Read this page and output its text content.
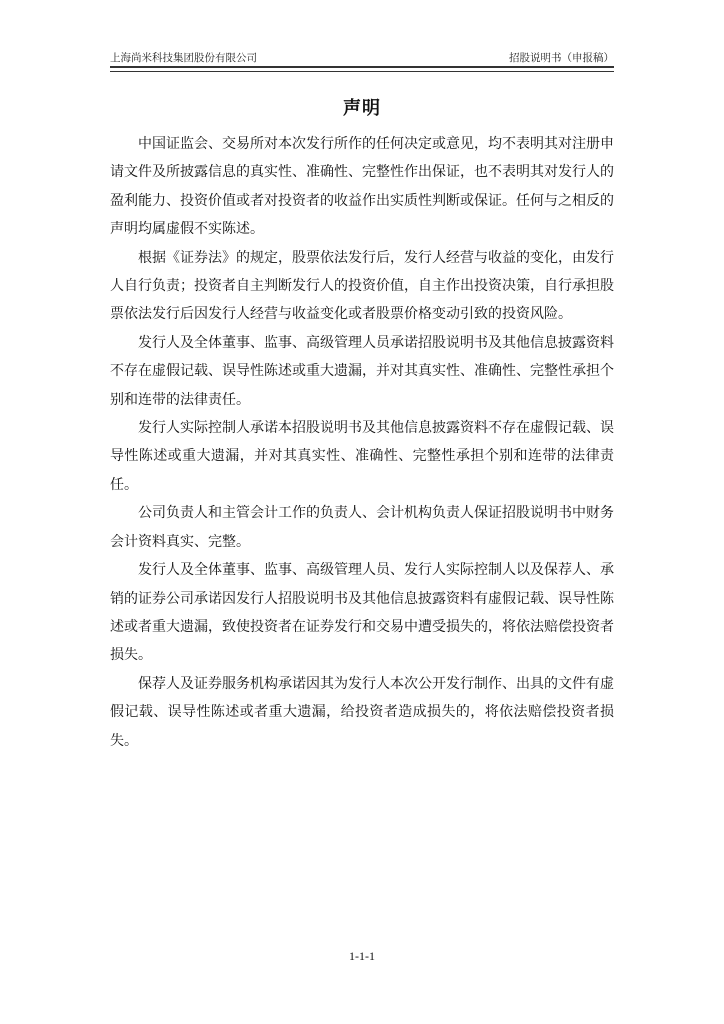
上海尚米科技集团股份有限公司	招股说明书（申报稿）
声明

中国证监会、交易所对本次发行所作的任何决定或意见，均不表明其对注册申请文件及所披露信息的真实性、准确性、完整性作出保证，也不表明其对发行人的盈利能力、投资价值或者对投资者的收益作出实质性判断或保证。任何与之相反的声明均属虚假不实陈述。

根据《证券法》的规定，股票依法发行后，发行人经营与收益的变化，由发行人自行负责；投资者自主判断发行人的投资价值，自主作出投资决策，自行承担股票依法发行后因发行人经营与收益变化或者股票价格变动引致的投资风险。

发行人及全体董事、监事、高级管理人员承诺招股说明书及其他信息披露资料不存在虚假记载、误导性陈述或重大遗漏，并对其真实性、准确性、完整性承担个别和连带的法律责任。

发行人实际控制人承诺本招股说明书及其他信息披露资料不存在虚假记载、误导性陈述或重大遗漏，并对其真实性、准确性、完整性承担个别和连带的法律责任。

公司负责人和主管会计工作的负责人、会计机构负责人保证招股说明书中财务会计资料真实、完整。

发行人及全体董事、监事、高级管理人员、发行人实际控制人以及保荐人、承销的证券公司承诺因发行人招股说明书及其他信息披露资料有虚假记载、误导性陈述或者重大遗漏，致使投资者在证券发行和交易中遭受损失的，将依法赔偿投资者损失。

保荐人及证券服务机构承诺因其为发行人本次公开发行制作、出具的文件有虚假记载、误导性陈述或者重大遗漏，给投资者造成损失的，将依法赔偿投资者损失。

1-1-1
